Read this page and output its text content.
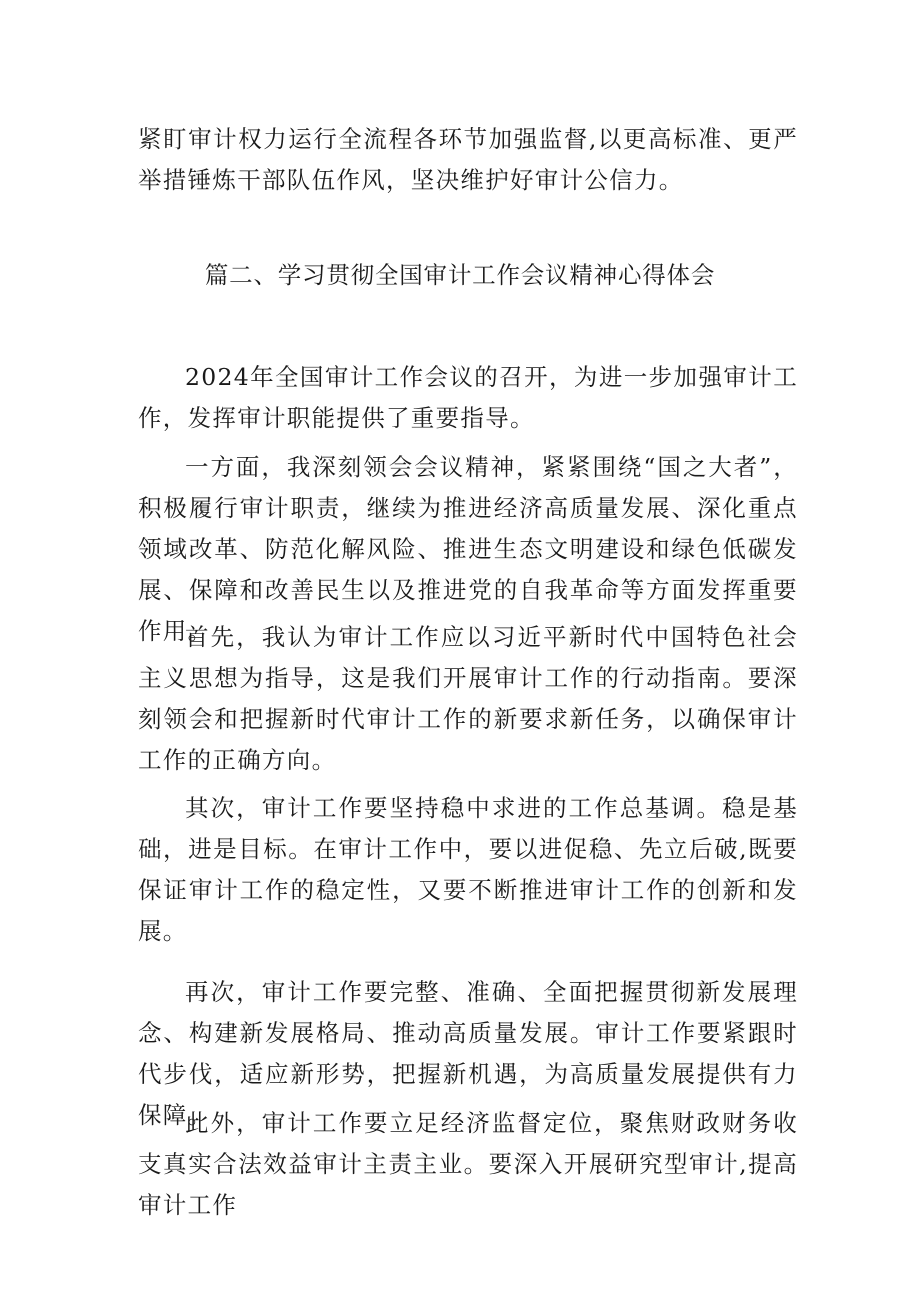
紧盯审计权力运行全流程各环节加强监督,以更高标准、更严举措锤炼干部队伍作风，坚决维护好审计公信力。

篇二、学习贯彻全国审计工作会议精神心得体会

2024年全国审计工作会议的召开，为进一步加强审计工作，发挥审计职能提供了重要指导。

一方面，我深刻领会会议精神，紧紧围绕“国之大者”，积极履行审计职责，继续为推进经济高质量发展、深化重点领域改革、防范化解风险、推进生态文明建设和绿色低碳发展、保障和改善民生以及推进党的自我革命等方面发挥重要作用。

首先，我认为审计工作应以习近平新时代中国特色社会主义思想为指导，这是我们开展审计工作的行动指南。要深刻领会和把握新时代审计工作的新要求新任务，以确保审计工作的正确方向。

其次，审计工作要坚持稳中求进的工作总基调。稳是基础，进是目标。在审计工作中，要以进促稳、先立后破,既要保证审计工作的稳定性，又要不断推进审计工作的创新和发展。

再次，审计工作要完整、准确、全面把握贯彻新发展理念、构建新发展格局、推动高质量发展。审计工作要紧跟时代步伐，适应新形势，把握新机遇，为高质量发展提供有力保障。

此外，审计工作要立足经济监督定位，聚焦财政财务收支真实合法效益审计主责主业。要深入开展研究型审计,提高审计工作
